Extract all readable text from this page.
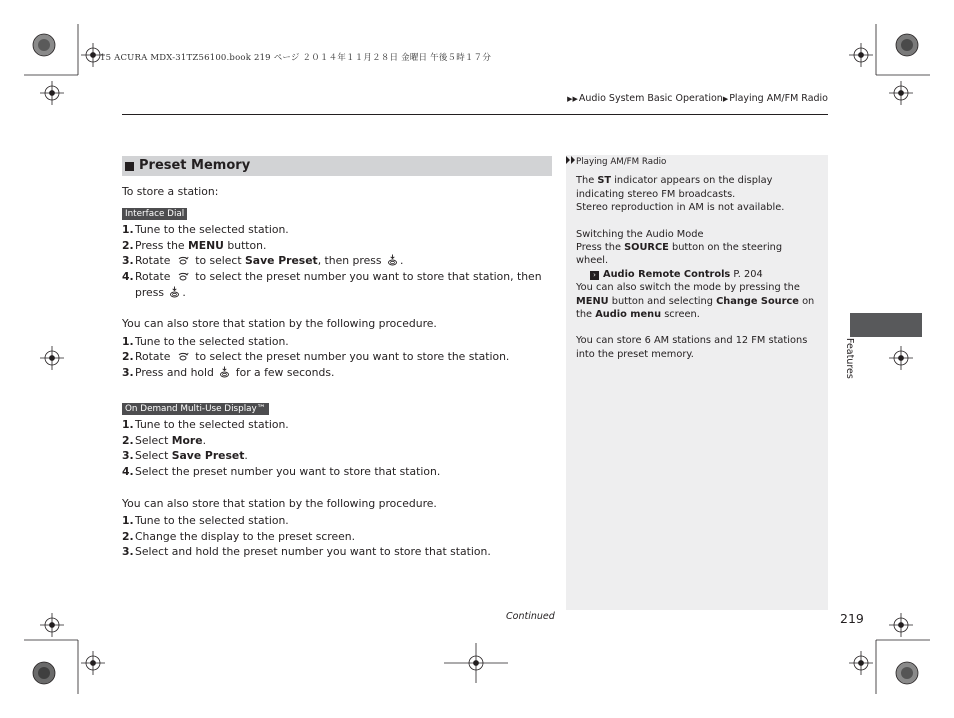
15 ACURA MDX-31TZ56100.book 219 ページ ２０１４年１１月２８日 金曜日 午後５時１７分
▶▶Audio System Basic Operation▶Playing AM/FM Radio
Preset Memory
To store a station:
Interface Dial
1. Tune to the selected station.
2. Press the MENU button.
3. Rotate to select Save Preset, then press .
4. Rotate to select the preset number you want to store that station, then press .
You can also store that station by the following procedure.
1. Tune to the selected station.
2. Rotate to select the preset number you want to store the station.
3. Press and hold for a few seconds.
On Demand Multi-Use Display™
1. Tune to the selected station.
2. Select More.
3. Select Save Preset.
4. Select the preset number you want to store that station.
You can also store that station by the following procedure.
1. Tune to the selected station.
2. Change the display to the preset screen.
3. Select and hold the preset number you want to store that station.
Playing AM/FM Radio
The ST indicator appears on the display indicating stereo FM broadcasts.
Stereo reproduction in AM is not available.
Switching the Audio Mode
Press the SOURCE button on the steering wheel.
› Audio Remote Controls P. 204
You can also switch the mode by pressing the MENU button and selecting Change Source on the Audio menu screen.
You can store 6 AM stations and 12 FM stations into the preset memory.	Features
Continued	219
